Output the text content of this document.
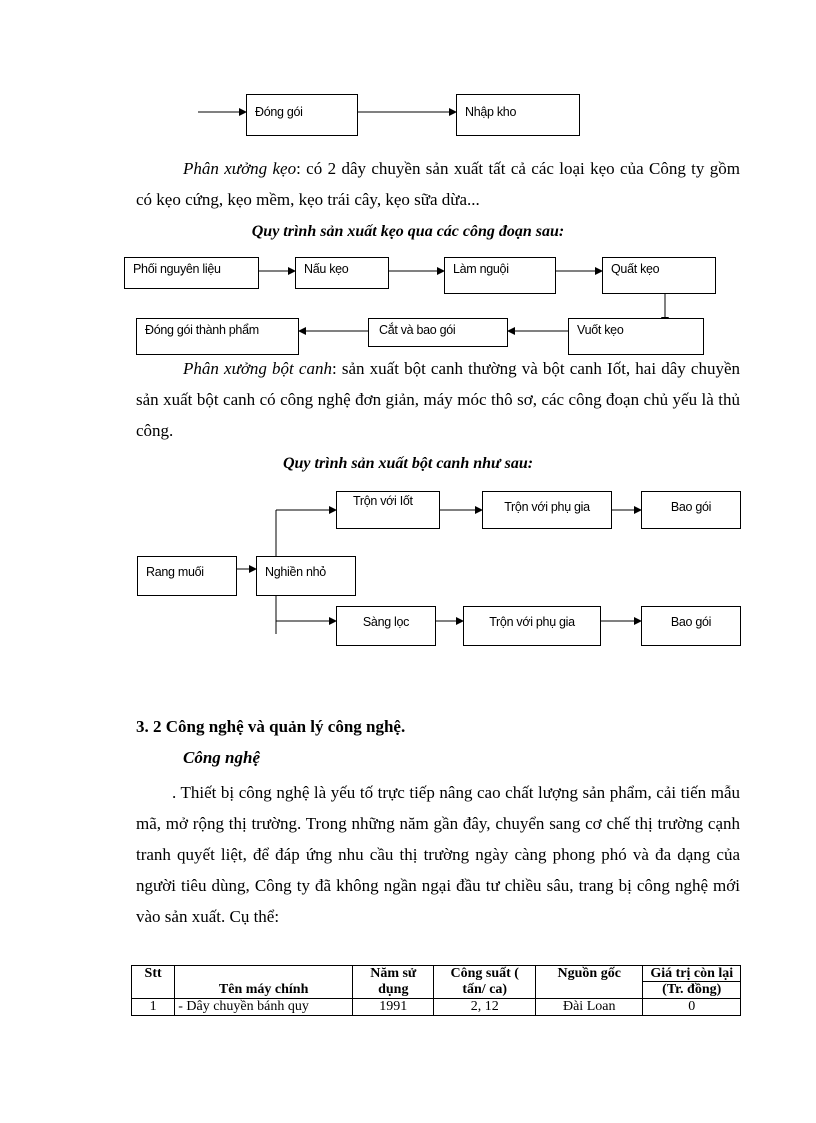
Đóng gói	Nhập kho
Phân xưởng kẹo: có 2 dây chuyền sản xuất tất cả các loại kẹo của Công ty gồm có kẹo cứng, kẹo mềm, kẹo trái cây, kẹo sữa dừa...
Quy trình sản xuất kẹo qua các công đoạn sau:
Phối nguyên liệu	Nấu kẹo	Làm nguội	Quất kẹo
Vuốt kẹo
Cắt và bao gói
Đóng gói thành phẩm
Phân xưởng bột canh: sản xuất bột canh thường và bột canh Iốt, hai dây chuyền sản xuất bột canh có công nghệ đơn giản, máy móc thô sơ, các công đoạn chủ yếu là thủ công.
Quy trình sản xuất bột canh như sau:
Rang muối	Nghiền nhỏ
Trộn với Iốt	Trộn với phụ gia	Bao gói
Sàng lọc	Trộn với phụ gia	Bao gói
3. 2 Công nghệ và quản lý công nghệ.
Công nghệ
. Thiết bị công nghệ là yếu tố trực tiếp nâng cao chất lượng sản phẩm, cải tiến mẫu mã, mở rộng thị trường. Trong những năm gần đây, chuyển sang cơ chế thị trường cạnh tranh quyết liệt, để đáp ứng nhu cầu thị trường ngày càng phong phó và đa dạng của người tiêu dùng, Công ty đã không ngần ngại đầu tư chiều sâu, trang bị công nghệ mới vào sản xuất. Cụ thể:
Stt	Tên máy chính	Năm sử dụng	Công suất ( tấn/ ca)	Nguồn gốc	Giá trị còn lại
					(Tr. đồng)
1	- Dây chuyền bánh quy	1991	2, 12	Đài Loan	0
